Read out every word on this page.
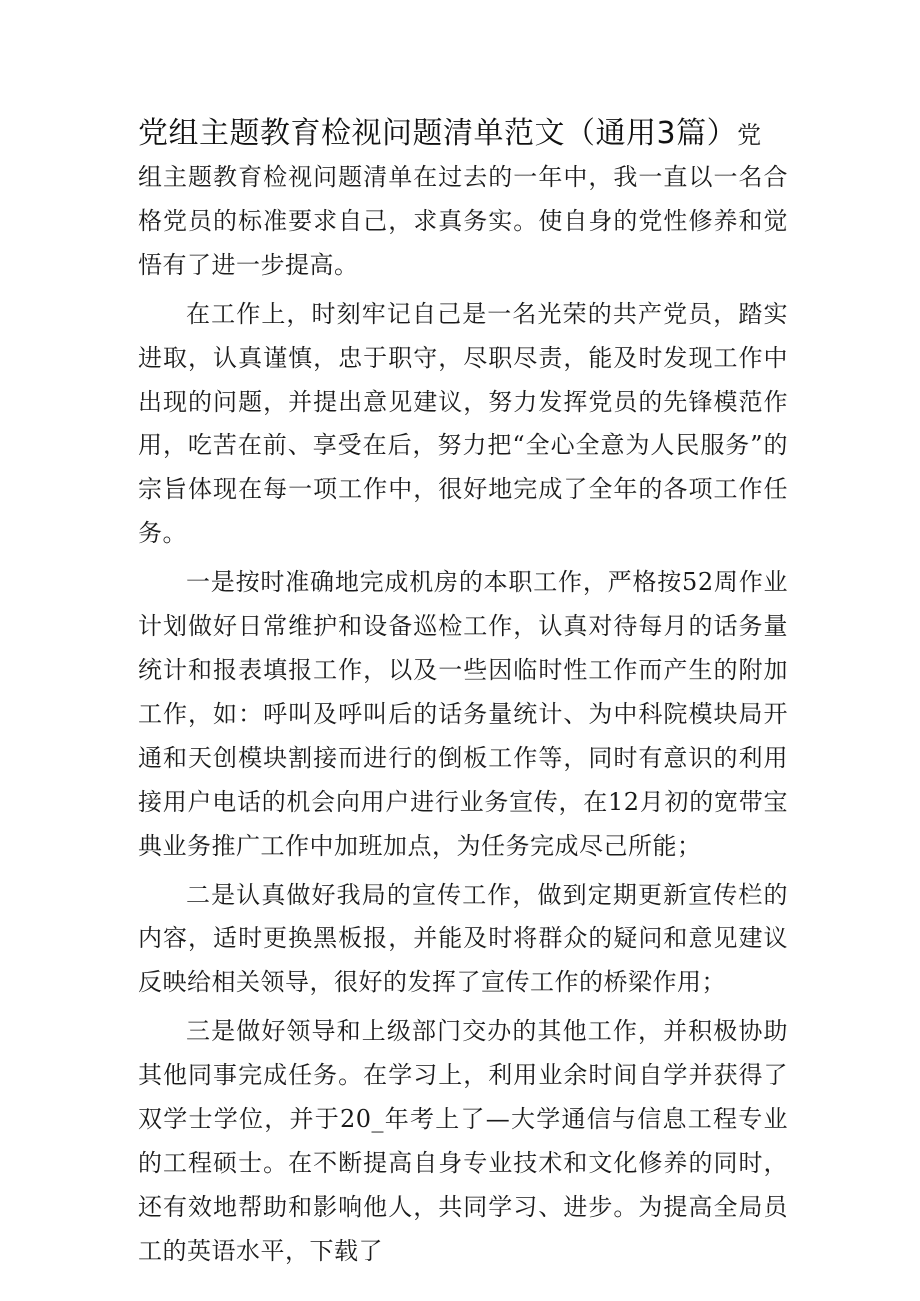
党组主题教育检视问题清单范文（通用3篇）党

组主题教育检视问题清单在过去的一年中，我一直以一名合格党员的标准要求自己，求真务实。使自身的党性修养和觉悟有了进一步提高。

在工作上，时刻牢记自己是一名光荣的共产党员，踏实进取，认真谨慎，忠于职守，尽职尽责，能及时发现工作中出现的问题，并提出意见建议，努力发挥党员的先锋模范作用，吃苦在前、享受在后，努力把“全心全意为人民服务”的宗旨体现在每一项工作中，很好地完成了全年的各项工作任务。

一是按时准确地完成机房的本职工作，严格按52周作业计划做好日常维护和设备巡检工作，认真对待每月的话务量统计和报表填报工作，以及一些因临时性工作而产生的附加工作，如：呼叫及呼叫后的话务量统计、为中科院模块局开通和天创模块割接而进行的倒板工作等，同时有意识的利用接用户电话的机会向用户进行业务宣传，在12月初的宽带宝典业务推广工作中加班加点，为任务完成尽己所能；

二是认真做好我局的宣传工作，做到定期更新宣传栏的内容，适时更换黑板报，并能及时将群众的疑问和意见建议反映给相关领导，很好的发挥了宣传工作的桥梁作用；

三是做好领导和上级部门交办的其他工作，并积极协助其他同事完成任务。在学习上，利用业余时间自学并获得了双学士学位，并于20_年考上了—大学通信与信息工程专业的工程硕士。在不断提高自身专业技术和文化修养的同时，还有效地帮助和影响他人，共同学习、进步。为提高全局员工的英语水平，下载了
